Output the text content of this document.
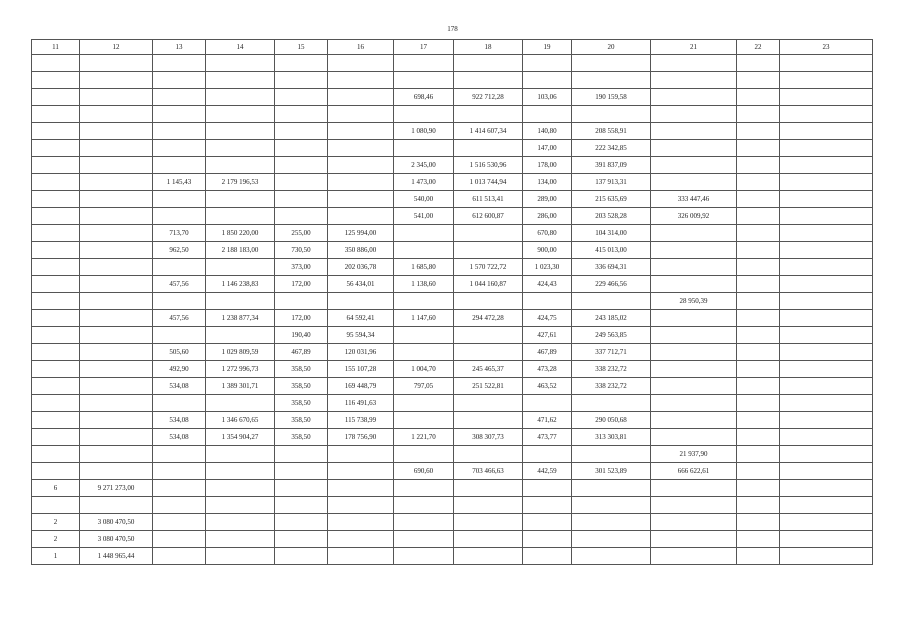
178
11	12	13	14	15	16	17	18	19	20	21	22	23

						698,46	922 712,28	103,06	190 159,58			

						1 080,90	1 414 607,34	140,80	208 558,91			
								147,00	222 342,85			
						2 345,00	1 516 530,96	178,00	391 837,09			
		1 145,43	2 179 196,53			1 473,00	1 013 744,94	134,00	137 913,31			
						540,00	611 513,41	289,00	215 635,69	333 447,46		
						541,00	612 600,87	286,00	203 528,28	326 009,92		
		713,70	1 850 220,00	255,00	125 994,00			670,80	104 314,00			
		962,50	2 188 183,00	730,50	350 886,00			900,00	415 013,00			
				373,00	202 036,78	1 685,80	1 570 722,72	1 023,30	336 694,31			
		457,56	1 146 238,83	172,00	56 434,01	1 138,60	1 044 160,87	424,43	229 466,56			
										28 950,39		
		457,56	1 238 877,34	172,00	64 592,41	1 147,60	294 472,28	424,75	243 185,02			
				190,40	95 594,34			427,61	249 563,85			
		505,60	1 029 809,59	467,89	120 031,96			467,89	337 712,71			
		492,90	1 272 996,73	358,50	155 107,28	1 004,70	245 465,37	473,28	338 232,72			
		534,08	1 389 301,71	358,50	169 448,79	797,05	251 522,81	463,52	338 232,72			
				358,50	116 491,63							
		534,08	1 346 670,65	358,50	115 738,99			471,62	290 050,68			
		534,08	1 354 904,27	358,50	178 756,90	1 221,70	308 307,73	473,77	313 303,81			
										21 937,90		
						690,60	703 466,63	442,59	301 523,89	666 622,61		
6	9 271 273,00											

2	3 080 470,50											
2	3 080 470,50											
1	1 448 965,44											
